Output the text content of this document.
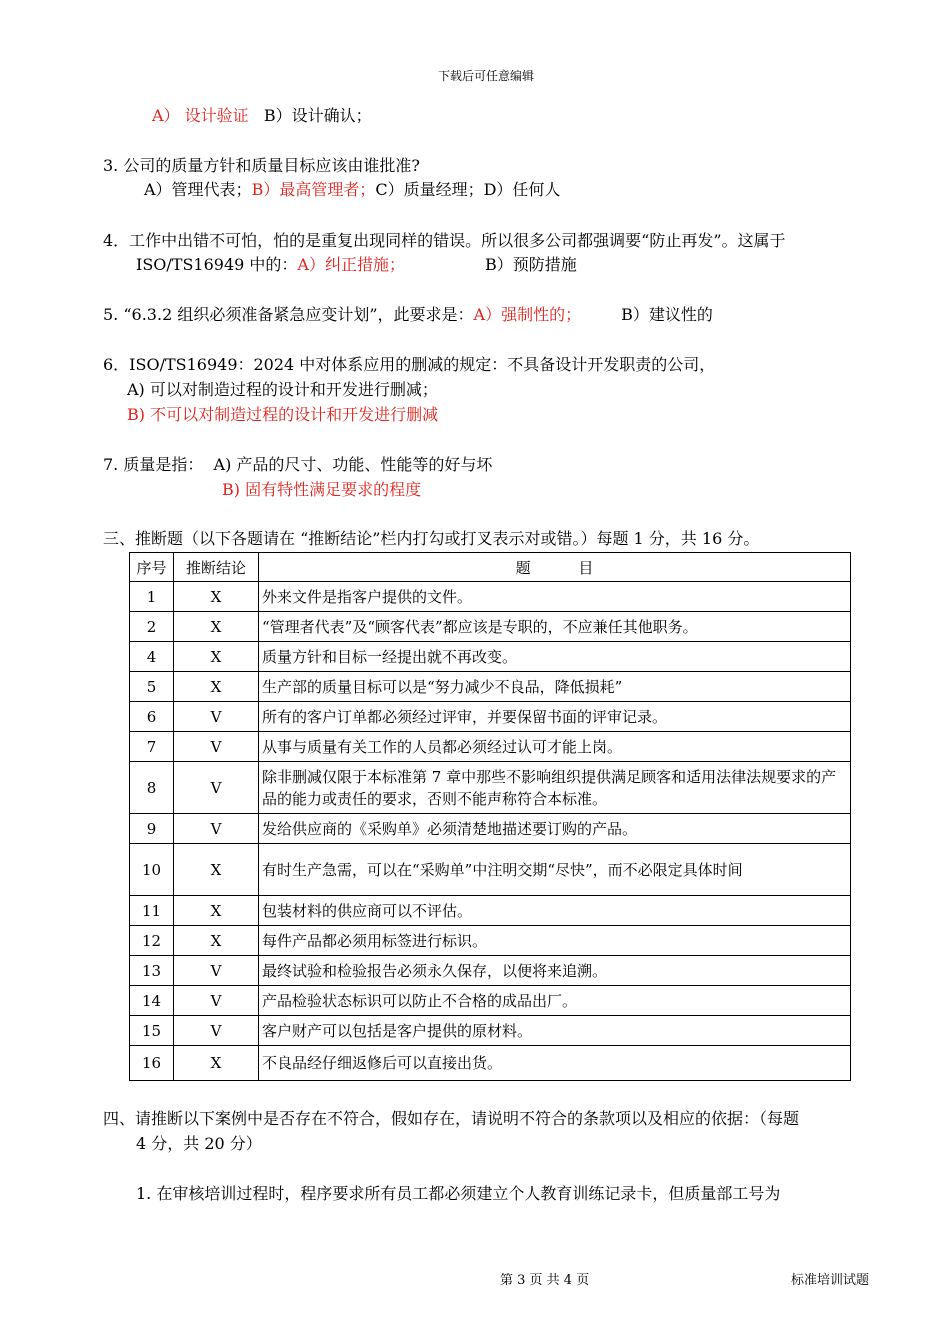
下载后可任意编辑
A） 设计验证 B）设计确认；
3. 公司的质量方针和质量目标应该由谁批准?
A）管理代表；B）最高管理者；C）质量经理；D）任何人
4．工作中出错不可怕，怕的是重复出现同样的错误。所以很多公司都强调要“防止再发”。这属于
ISO/TS16949 中的：A）纠正措施；	B）预防措施
5. “6.3.2 组织必须准备紧急应变计划”，此要求是：A）强制性的；	B）建议性的
6．ISO/TS16949：2024 中对体系应用的删减的规定：不具备设计开发职责的公司，
A) 可以对制造过程的设计和开发进行删减；
B) 不可以对制造过程的设计和开发进行删减
7. 质量是指： A) 产品的尺寸、功能、性能等的好与坏
B) 固有特性满足要求的程度
三、推断题（以下各题请在 “推断结论”栏内打勾或打叉表示对或错。）每题 1 分，共 16 分。
序号	推断结论	题          目
1	X	外来文件是指客户提供的文件。
2	X	“管理者代表”及“顾客代表”都应该是专职的，不应兼任其他职务。
4	X	质量方针和目标一经提出就不再改变。
5	X	生产部的质量目标可以是“努力减少不良品，降低损耗”
6	V	所有的客户订单都必须经过评审，并要保留书面的评审记录。
7	V	从事与质量有关工作的人员都必须经过认可才能上岗。
8	V	除非删减仅限于本标准第 7 章中那些不影响组织提供满足顾客和适用法律法规要求的产品的能力或责任的要求，否则不能声称符合本标准。
9	V	发给供应商的《采购单》必须清楚地描述要订购的产品。
10	X	有时生产急需，可以在“采购单”中注明交期“尽快”，而不必限定具体时间
11	X	包装材料的供应商可以不评估。
12	X	每件产品都必须用标签进行标识。
13	V	最终试验和检验报告必须永久保存，以便将来追溯。
14	V	产品检验状态标识可以防止不合格的成品出厂。
15	V	客户财产可以包括是客户提供的原材料。
16	X	不良品经仔细返修后可以直接出货。
四、请推断以下案例中是否存在不符合，假如存在，请说明不符合的条款项以及相应的依据：（每题
4 分，共 20 分）
1. 在审核培训过程时，程序要求所有员工都必须建立个人教育训练记录卡，但质量部工号为
第 3 页 共 4 页	标准培训试题
